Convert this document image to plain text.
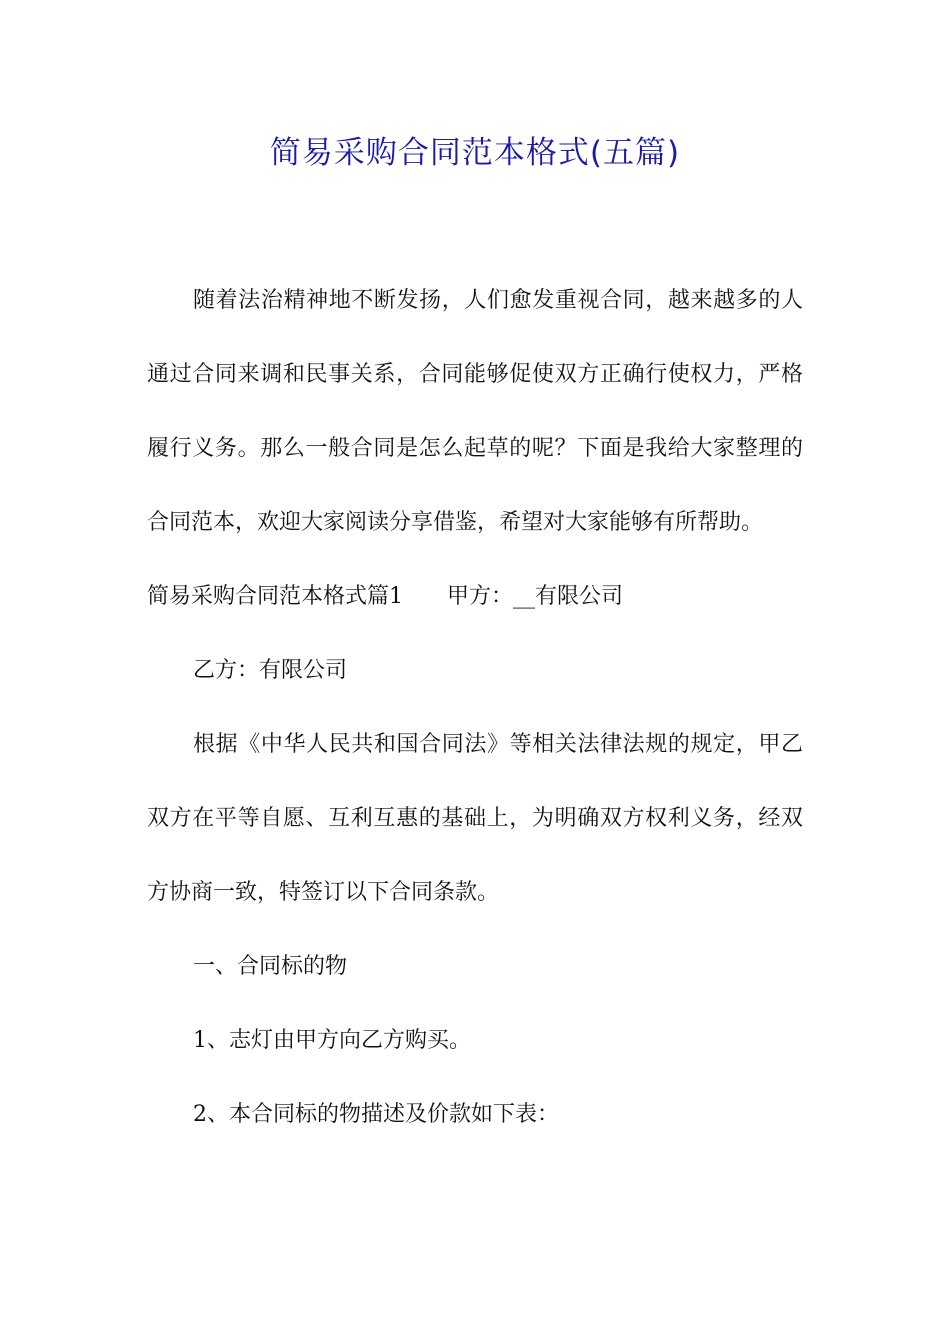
简易采购合同范本格式(五篇)

随着法治精神地不断发扬，人们愈发重视合同，越来越多的人通过合同来调和民事关系，合同能够促使双方正确行使权力，严格履行义务。那么一般合同是怎么起草的呢？下面是我给大家整理的合同范本，欢迎大家阅读分享借鉴，希望对大家能够有所帮助。

简易采购合同范本格式篇1 甲方：__有限公司

乙方：有限公司

根据《中华人民共和国合同法》等相关法律法规的规定，甲乙双方在平等自愿、互利互惠的基础上，为明确双方权利义务，经双方协商一致，特签订以下合同条款。

一、合同标的物

1、志灯由甲方向乙方购买。

2、本合同标的物描述及价款如下表：
